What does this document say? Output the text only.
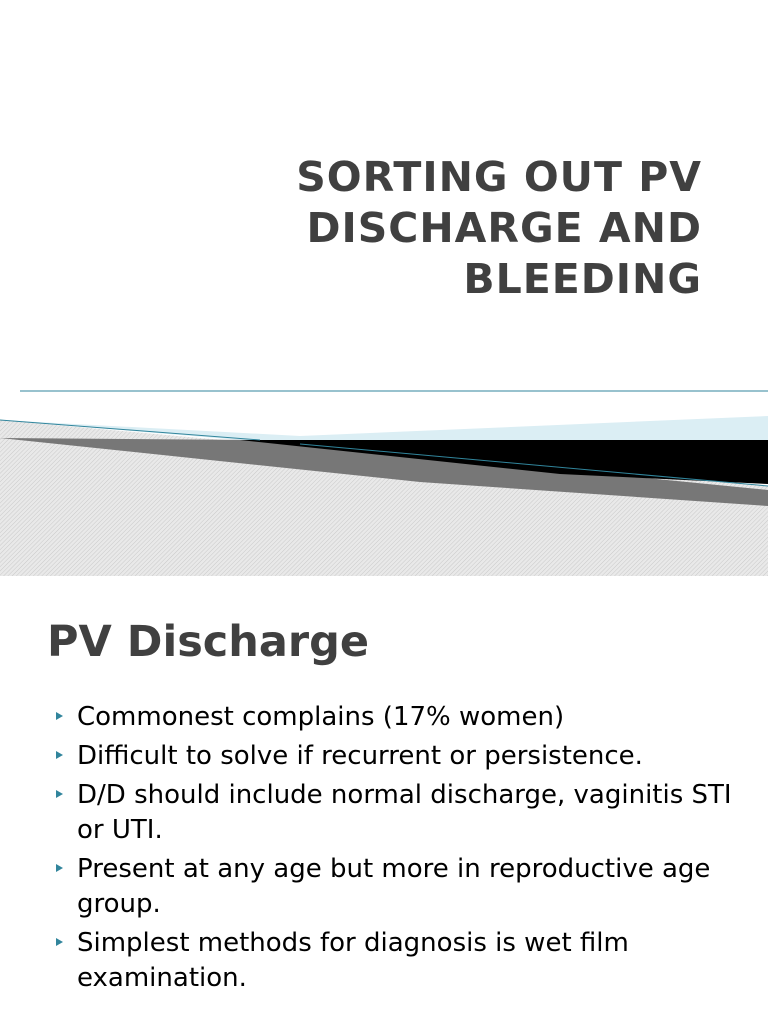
SORTING OUT PV
DISCHARGE AND
BLEEDING
PV Discharge
Commonest complains (17% women)
Difficult to solve if recurrent or persistence.
D/D should include normal discharge, vaginitis STI or UTI.
Present at any age but more in reproductive age group.
Simplest methods for diagnosis is wet film examination.
